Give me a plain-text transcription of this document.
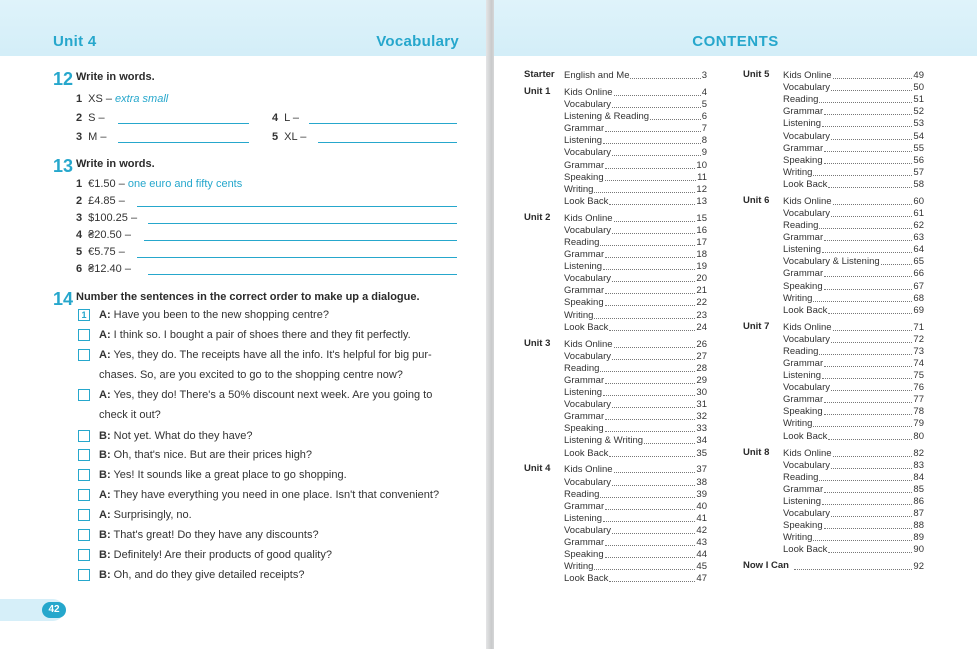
Unit 4	Vocabulary
12 Write in words.
1 XS – extra small
2 S –
3 M –
4 L –
5 XL –
13 Write in words.
1 €1.50 – one euro and fifty cents
2 £4.85 –
3 $100.25 –
4 ₴20.50 –
5 €5.75 –
6 ₴12.40 –
14 Number the sentences in the correct order to make up a dialogue.
1	A: Have you been to the new shopping centre?
A: I think so. I bought a pair of shoes there and they fit perfectly.
A: Yes, they do. The receipts have all the info. It's helpful for big pur-
chases. So, are you excited to go to the shopping centre now?
A: Yes, they do! There's a 50% discount next week. Are you going to
check it out?
B: Not yet. What do they have?
B: Oh, that's nice. But are their prices high?
B: Yes! It sounds like a great place to go shopping.
A: They have everything you need in one place. Isn't that convenient?
A: Surprisingly, no.
B: That's great! Do they have any discounts?
B: Definitely! Are their products of good quality?
B: Oh, and do they give detailed receipts?
42
CONTENTS
Starter English and Me	3
Unit 1 Kids Online	4
Vocabulary	5
Listening & Reading	6
Grammar	7
Listening	8
Vocabulary	9
Grammar	10
Speaking	11
Writing	12
Look Back	13
Unit 2 Kids Online	15
Vocabulary	16
Reading	17
Grammar	18
Listening	19
Vocabulary	20
Grammar	21
Speaking	22
Writing	23
Look Back	24
Unit 3 Kids Online	26
Vocabulary	27
Reading	28
Grammar	29
Listening	30
Vocabulary	31
Grammar	32
Speaking	33
Listening & Writing	34
Look Back	35
Unit 4 Kids Online	37
Vocabulary	38
Reading	39
Grammar	40
Listening	41
Vocabulary	42
Grammar	43
Speaking	44
Writing	45
Look Back	47
Unit 5 Kids Online	49
Vocabulary	50
Reading	51
Grammar	52
Listening	53
Vocabulary	54
Grammar	55
Speaking	56
Writing	57
Look Back	58
Unit 6 Kids Online	60
Vocabulary	61
Reading	62
Grammar	63
Listening	64
Vocabulary & Listening	65
Grammar	66
Speaking	67
Writing	68
Look Back	69
Unit 7 Kids Online	71
Vocabulary	72
Reading	73
Grammar	74
Listening	75
Vocabulary	76
Grammar	77
Speaking	78
Writing	79
Look Back	80
Unit 8 Kids Online	82
Vocabulary	83
Reading	84
Grammar	85
Listening	86
Vocabulary	87
Speaking	88
Writing	89
Look Back	90
Now I Can	92
